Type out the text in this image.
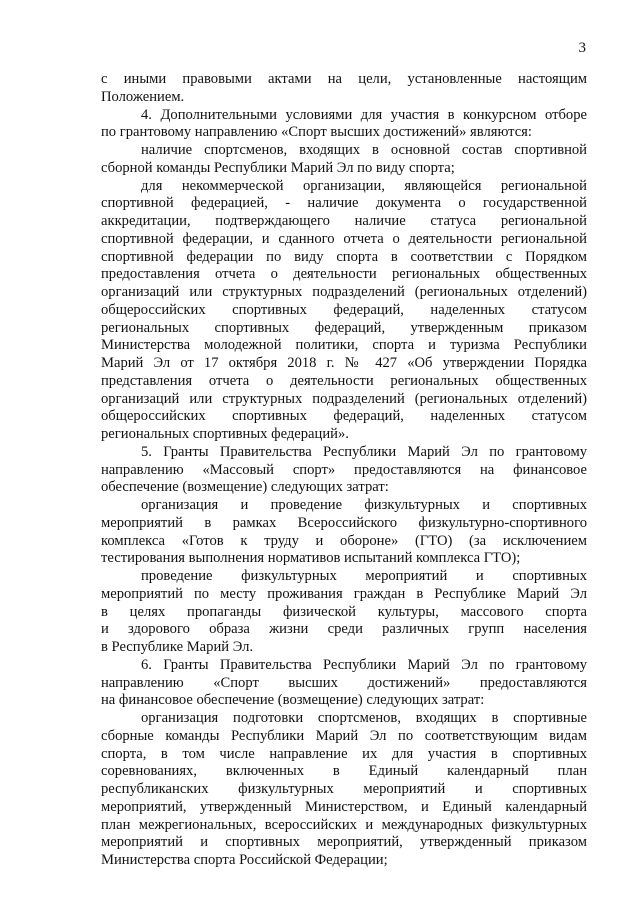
3
с иными правовыми актами на цели, установленные настоящим
Положением.
4. Дополнительными условиями для участия в конкурсном отборе
по грантовому направлению «Спорт высших достижений» являются:
наличие спортсменов, входящих в основной состав спортивной
сборной команды Республики Марий Эл по виду спорта;
для некоммерческой организации, являющейся региональной
спортивной федерацией, - наличие документа о государственной
аккредитации, подтверждающего наличие статуса региональной
спортивной федерации, и сданного отчета о деятельности региональной
спортивной федерации по виду спорта в соответствии с Порядком
предоставления отчета о деятельности региональных общественных
организаций или структурных подразделений (региональных отделений)
общероссийских спортивных федераций, наделенных статусом
региональных спортивных федераций, утвержденным приказом
Министерства молодежной политики, спорта и туризма Республики
Марий Эл от 17 октября 2018 г. № 427 «Об утверждении Порядка
представления отчета о деятельности региональных общественных
организаций или структурных подразделений (региональных отделений)
общероссийских спортивных федераций, наделенных статусом
региональных спортивных федераций».
5. Гранты Правительства Республики Марий Эл по грантовому
направлению «Массовый спорт» предоставляются на финансовое
обеспечение (возмещение) следующих затрат:
организация и проведение физкультурных и спортивных
мероприятий в рамках Всероссийского физкультурно-спортивного
комплекса «Готов к труду и обороне» (ГТО) (за исключением
тестирования выполнения нормативов испытаний комплекса ГТО);
проведение физкультурных мероприятий и спортивных
мероприятий по месту проживания граждан в Республике Марий Эл
в целях пропаганды физической культуры, массового спорта
и здорового образа жизни среди различных групп населения
в Республике Марий Эл.
6. Гранты Правительства Республики Марий Эл по грантовому
направлению «Спорт высших достижений» предоставляются
на финансовое обеспечение (возмещение) следующих затрат:
организация подготовки спортсменов, входящих в спортивные
сборные команды Республики Марий Эл по соответствующим видам
спорта, в том числе направление их для участия в спортивных
соревнованиях, включенных в Единый календарный план
республиканских физкультурных мероприятий и спортивных
мероприятий, утвержденный Министерством, и Единый календарный
план межрегиональных, всероссийских и международных физкультурных
мероприятий и спортивных мероприятий, утвержденный приказом
Министерства спорта Российской Федерации;
